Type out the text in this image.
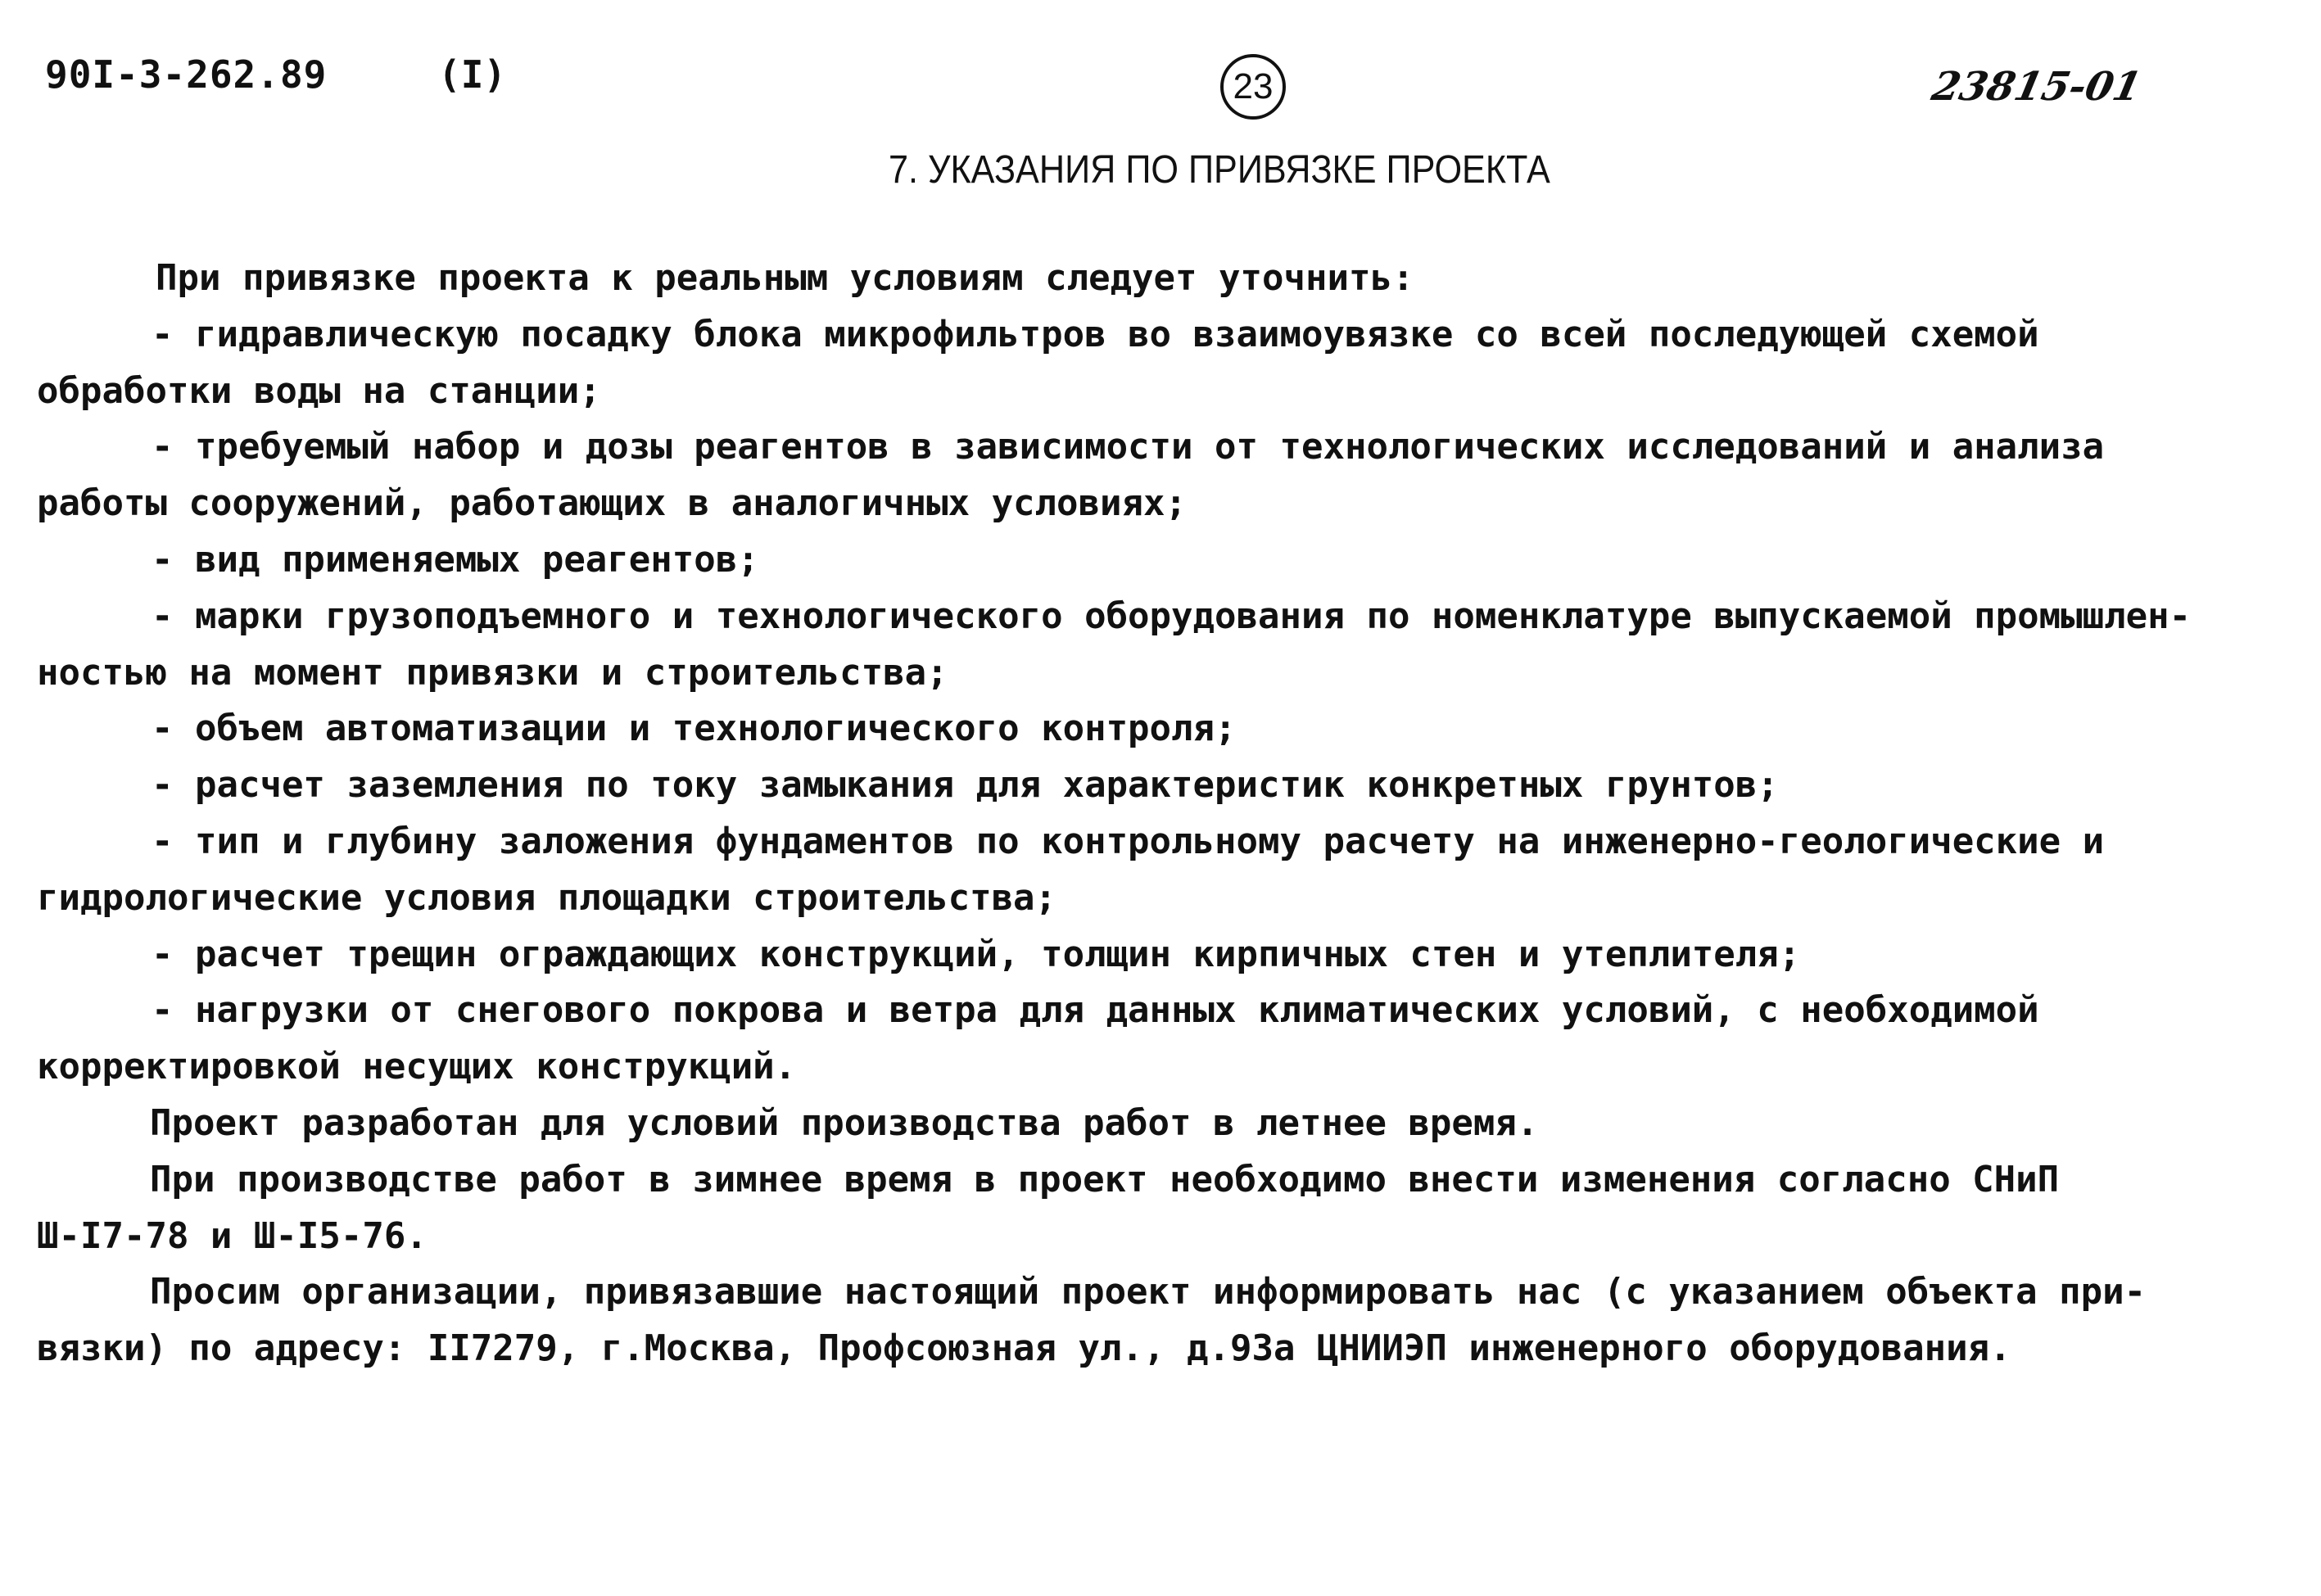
90I-3-262.89	(I)	23	23815-01
7. УКАЗАНИЯ ПО ПРИВЯЗКЕ ПРОЕКТА
При привязке проекта к реальным условиям следует уточнить:
- гидравлическую посадку блока микрофильтров во взаимоувязке со всей последующей схемой
обработки воды на станции;
- требуемый набор и дозы реагентов в зависимости от технологических исследований и анализа
работы сооружений, работающих в аналогичных условиях;
- вид применяемых реагентов;
- марки грузоподъемного и технологического оборудования по номенклатуре выпускаемой промышлен-
ностью на момент привязки и строительства;
- объем автоматизации и технологического контроля;
- расчет заземления по току замыкания для характеристик конкретных грунтов;
- тип и глубину заложения фундаментов по контрольному расчету на инженерно-геологические и
гидрологические условия площадки строительства;
- расчет трещин ограждающих конструкций, толщин кирпичных стен и утеплителя;
- нагрузки от снегового покрова и ветра для данных климатических условий, с необходимой
корректировкой несущих конструкций.
Проект разработан для условий производства работ в летнее время.
При производстве работ в зимнее время в проект необходимо внести изменения согласно СНиП
Ш-I7-78 и Ш-I5-76.
Просим организации, привязавшие настоящий проект информировать нас (с указанием объекта при-
вязки) по адресу: II7279, г.Москва, Профсоюзная ул., д.93а ЦНИИЭП инженерного оборудования.
